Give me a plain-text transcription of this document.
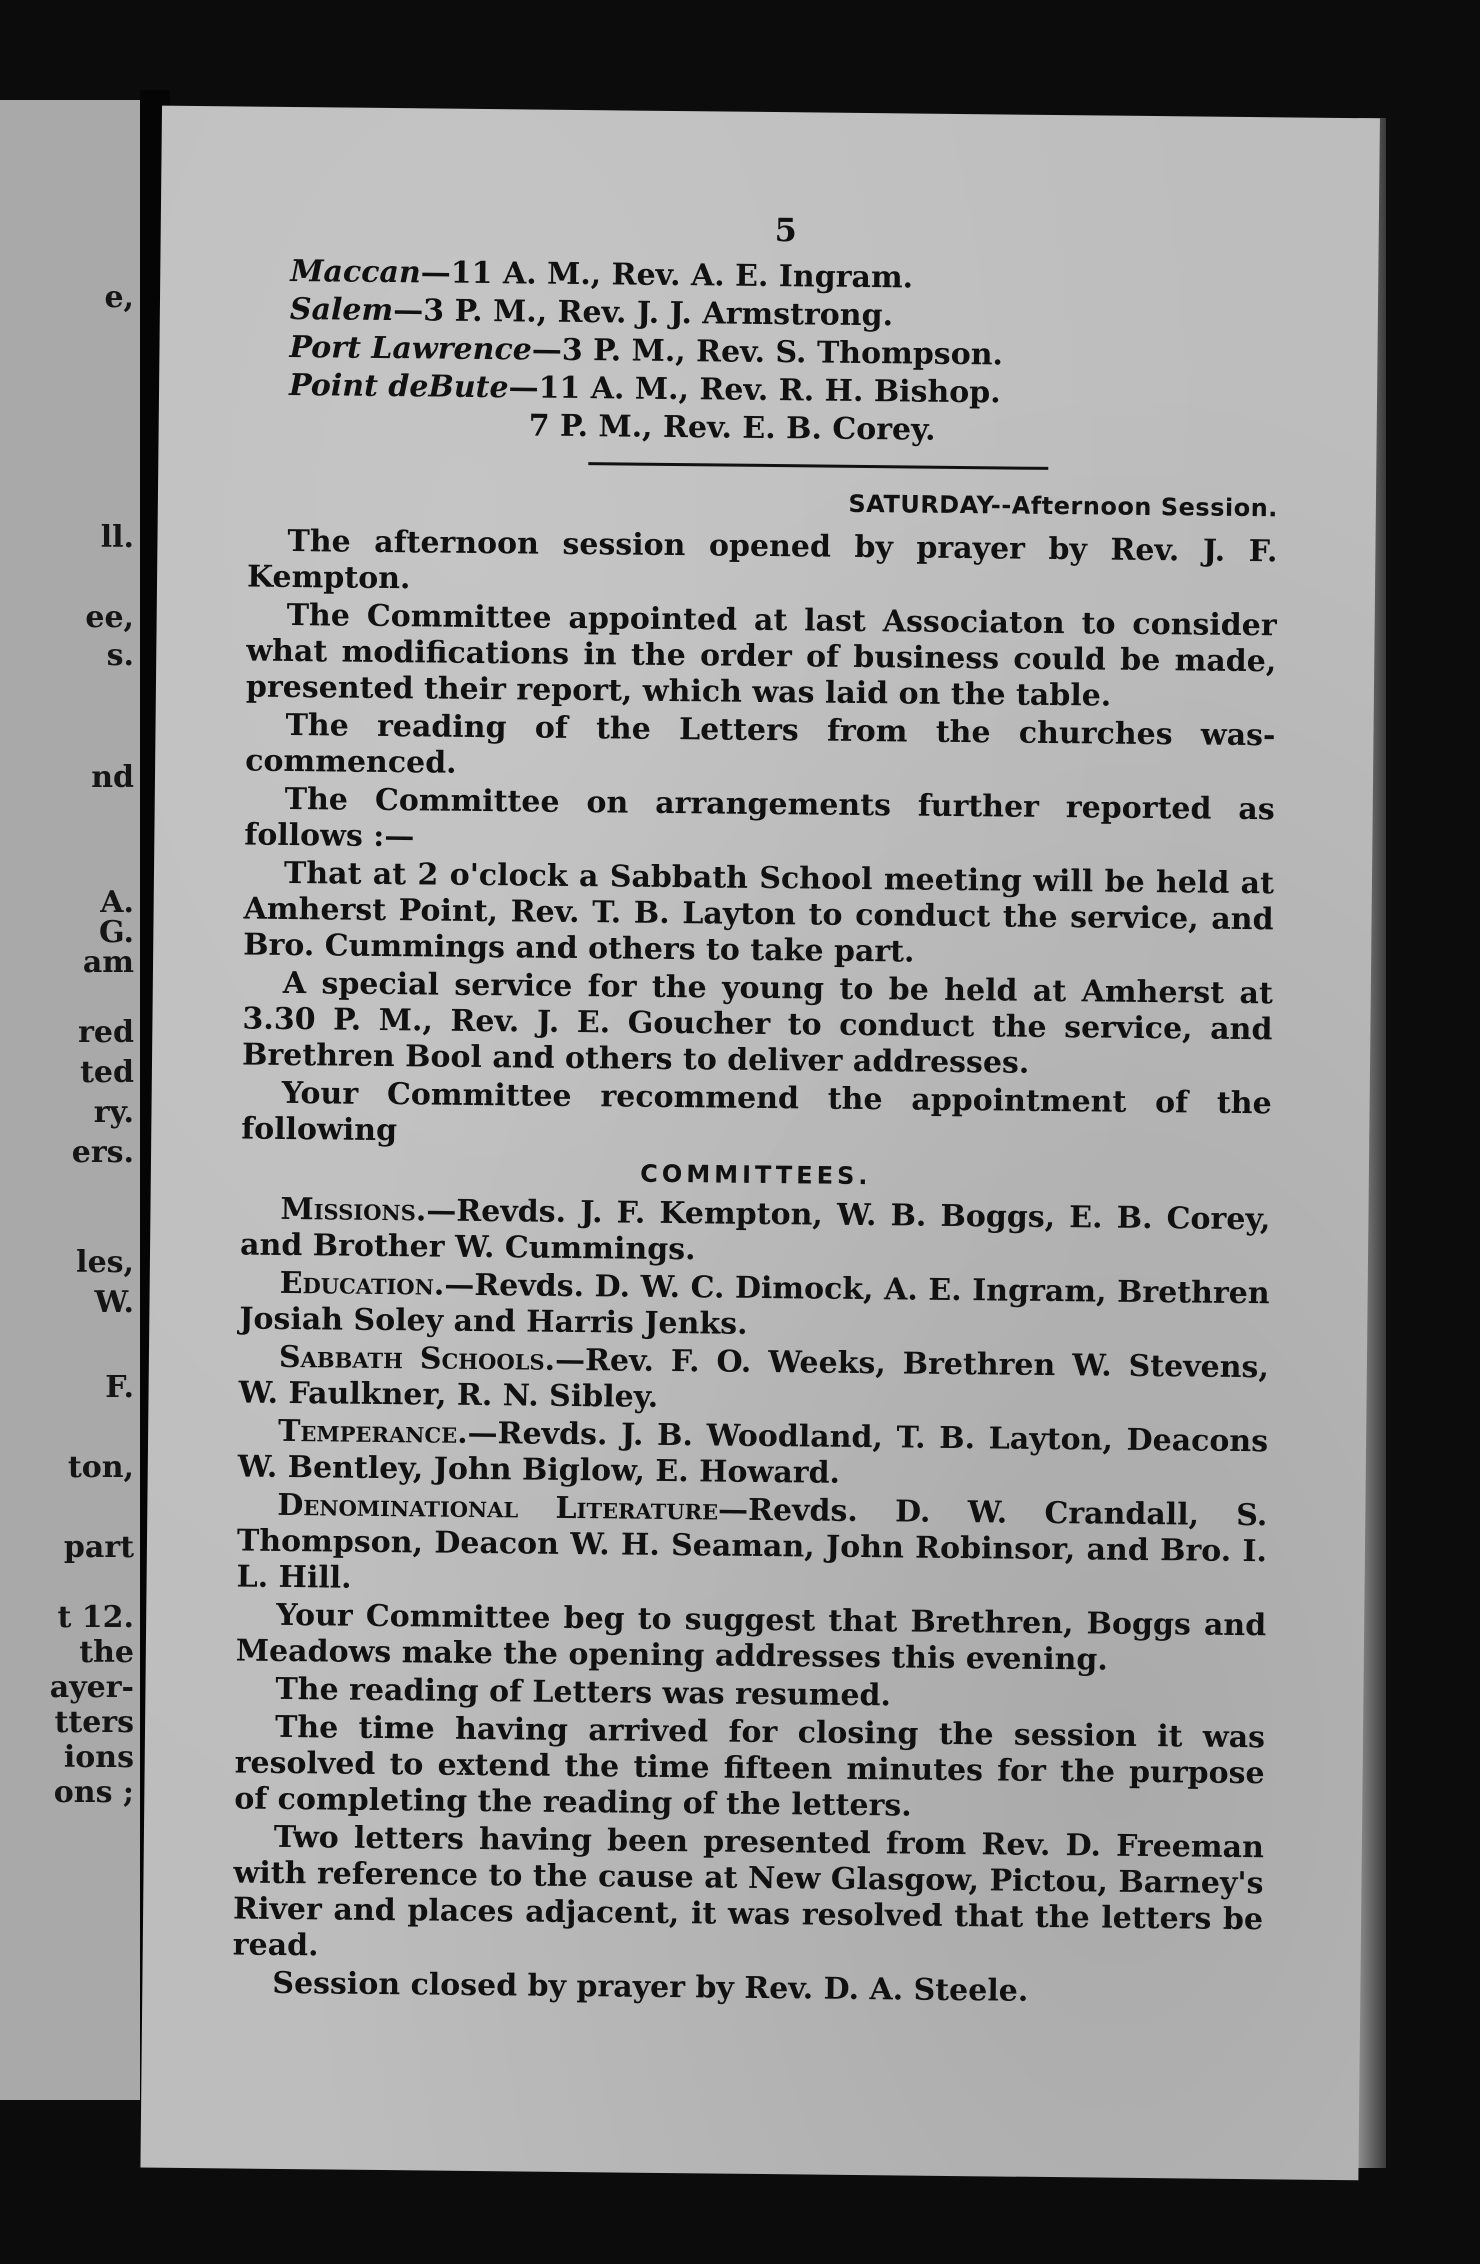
e,
ll.
ee,
s.
nd
A.
G.
am
red
ted
ry.
ers.
les,
W.
F.
ton,
part
t 12.
the
ayer-
tters
ions
ons ;
5
Maccan—11 A. M., Rev. A. E. Ingram.
Salem—3 P. M., Rev. J. J. Armstrong.
Port Lawrence—3 P. M., Rev. S. Thompson.
Point deBute—11 A. M., Rev. R. H. Bishop.
7 P. M., Rev. E. B. Corey.
SATURDAY--Afternoon Session.

The afternoon session opened by prayer by Rev. J. F. Kempton.

The Committee appointed at last Associaton to consider what modifications in the order of business could be made, presented their report, which was laid on the table.

The reading of the Letters from the churches was-commenced.

The Committee on arrangements further reported as follows :—

That at 2 o'clock a Sabbath School meeting will be held at Amherst Point, Rev. T. B. Layton to conduct the service, and Bro. Cummings and others to take part.

A special service for the young to be held at Amherst at 3.30 P. M., Rev. J. E. Goucher to conduct the service, and Brethren Bool and others to deliver addresses.

Your Committee recommend the appointment of the following

COMMITTEES.

Missions.—Revds. J. F. Kempton, W. B. Boggs, E. B. Corey, and Brother W. Cummings.

Education.—Revds. D. W. C. Dimock, A. E. Ingram, Brethren Josiah Soley and Harris Jenks.

Sabbath Schools.—Rev. F. O. Weeks, Brethren W. Stevens, W. Faulkner, R. N. Sibley.

Temperance.—Revds. J. B. Woodland, T. B. Layton, Deacons W. Bentley, John Biglow, E. Howard.

Denominational Literature—Revds. D. W. Crandall, S. Thompson, Deacon W. H. Seaman, John Robinsor, and Bro. I. L. Hill.

Your Committee beg to suggest that Brethren, Boggs and Meadows make the opening addresses this evening.

The reading of Letters was resumed.

The time having arrived for closing the session it was resolved to extend the time fifteen minutes for the purpose of completing the reading of the letters.

Two letters having been presented from Rev. D. Freeman with reference to the cause at New Glasgow, Pictou, Barney's River and places adjacent, it was resolved that the letters be read.

Session closed by prayer by Rev. D. A. Steele.
